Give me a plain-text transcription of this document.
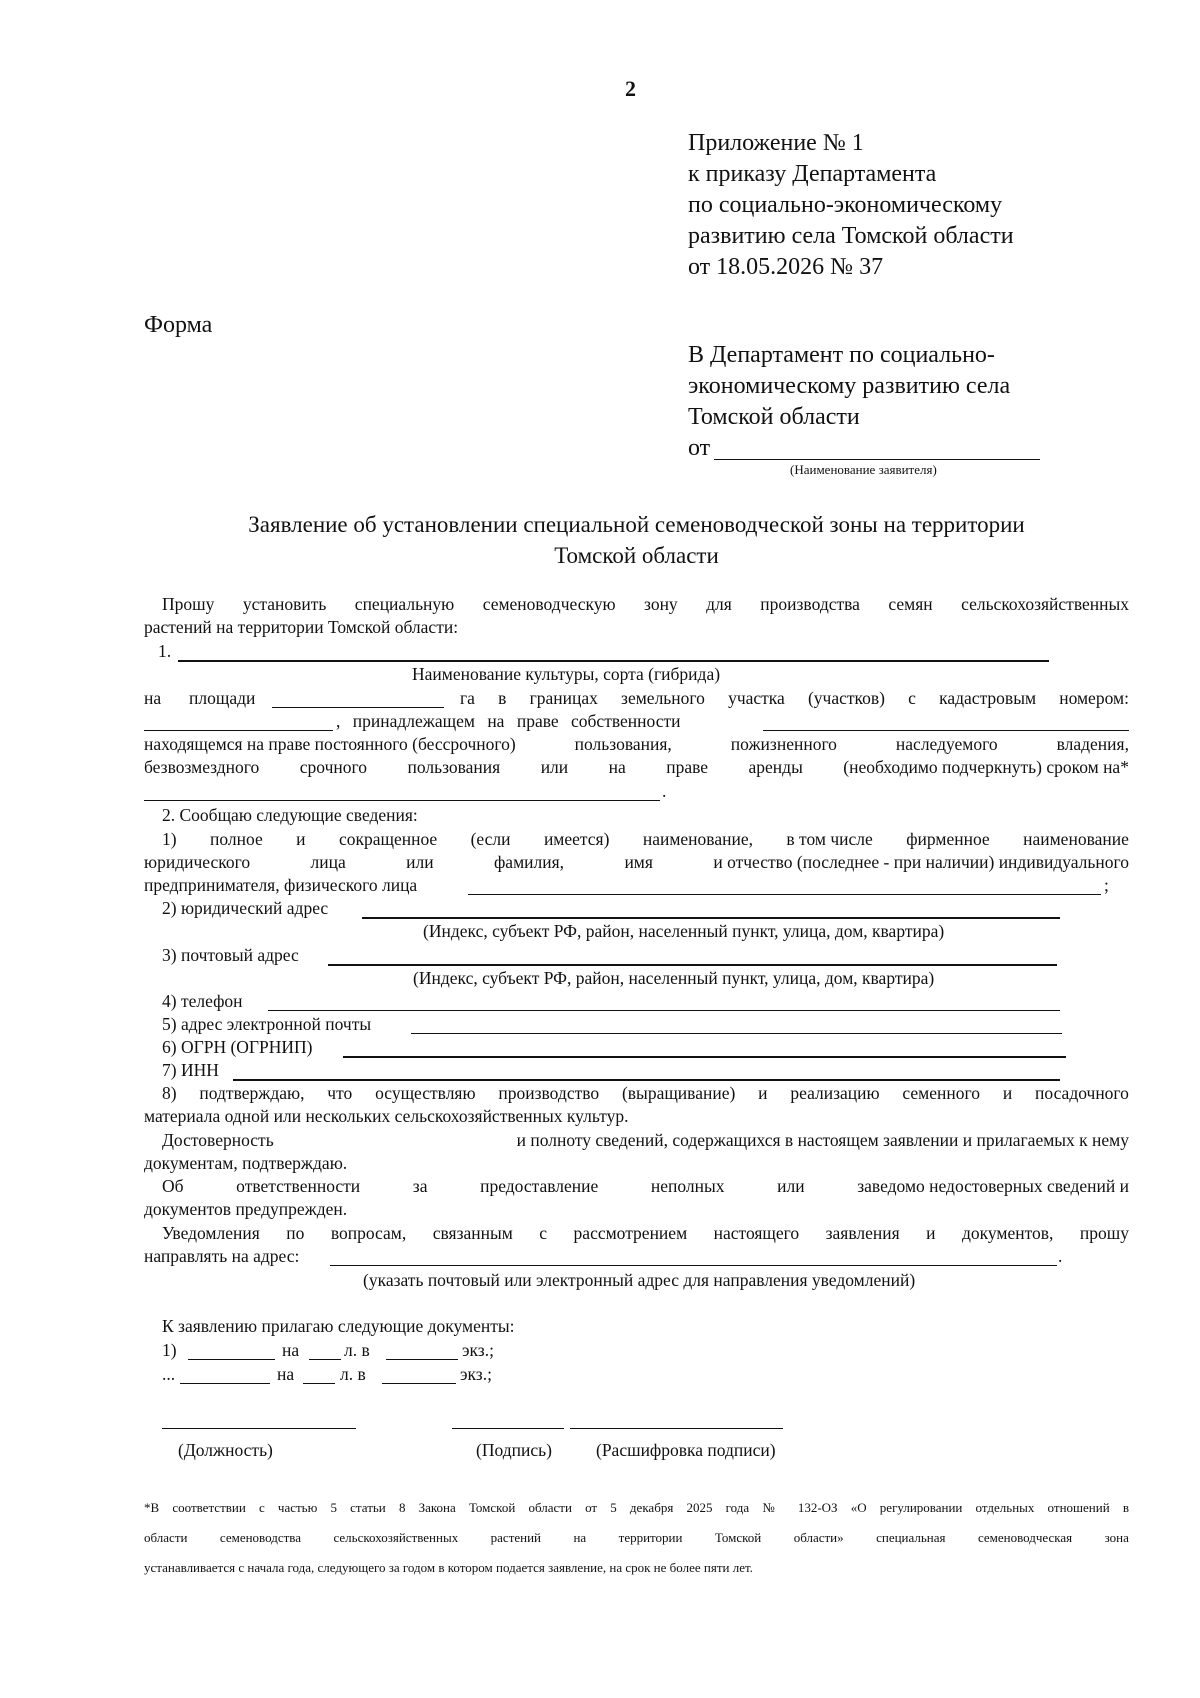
2
Приложение № 1
к приказу Департамента
по социально-экономическому
развитию села Томской области
от 18.05.2026 № 37
Форма
В Департамент по социально-
экономическому развитию села
Томской области
от
(Наименование заявителя)
Заявление об установлении специальной семеноводческой зоны на территории
Томской области
Прошу установить специальную семеноводческую зону для производства семян сельскохозяйственных
растений на территории Томской области:
1.
Наименование культуры, сорта (гибрида)
на площади	га в границах земельного участка (участков) с кадастровым номером:
, принадлежащем на праве собственности
находящемся на праве постоянного (бессрочного)	пользования,	пожизненного	наследуемого	владения,
безвозмездного срочного пользования или на праве аренды (необходимо подчеркнуть) сроком на*
.
2. Сообщаю следующие сведения:
1) полное и сокращенное (если имеется) наименование, в том числе фирменное наименование
юридического	лица	или	фамилия,	имя	и отчество (последнее - при наличии) индивидуального
предпринимателя, физического лица	;
2) юридический адрес
(Индекс, субъект РФ, район, населенный пункт, улица, дом, квартира)
3) почтовый адрес
(Индекс, субъект РФ, район, населенный пункт, улица, дом, квартира)
4) телефон
5) адрес электронной почты
6) ОГРН (ОГРНИП)
7) ИНН
8) подтверждаю, что осуществляю производство (выращивание) и реализацию семенного и посадочного
материала одной или нескольких сельскохозяйственных культур.
Достоверность	и полноту сведений, содержащихся в настоящем заявлении и прилагаемых к нему
документам, подтверждаю.
Об	ответственности	за	предоставление	неполных	или	заведомо недостоверных сведений и
документов предупрежден.
Уведомления по вопросам, связанным с рассмотрением настоящего заявления и документов, прошу
направлять на адрес:	.
(указать почтовый или электронный адрес для направления уведомлений)
К заявлению прилагаю следующие документы:
1)	на	л. в	экз.;
...	на	л. в	экз.;
(Должность)	(Подпись)	(Расшифровка подписи)
*В соответствии с частью 5 статьи 8 Закона Томской области от 5 декабря 2025 года № 132-ОЗ «О регулировании отдельных отношений в
области семеноводства сельскохозяйственных растений на территории Томской области» специальная семеноводческая зона
устанавливается с начала года, следующего за годом в котором подается заявление, на срок не более пяти лет.
